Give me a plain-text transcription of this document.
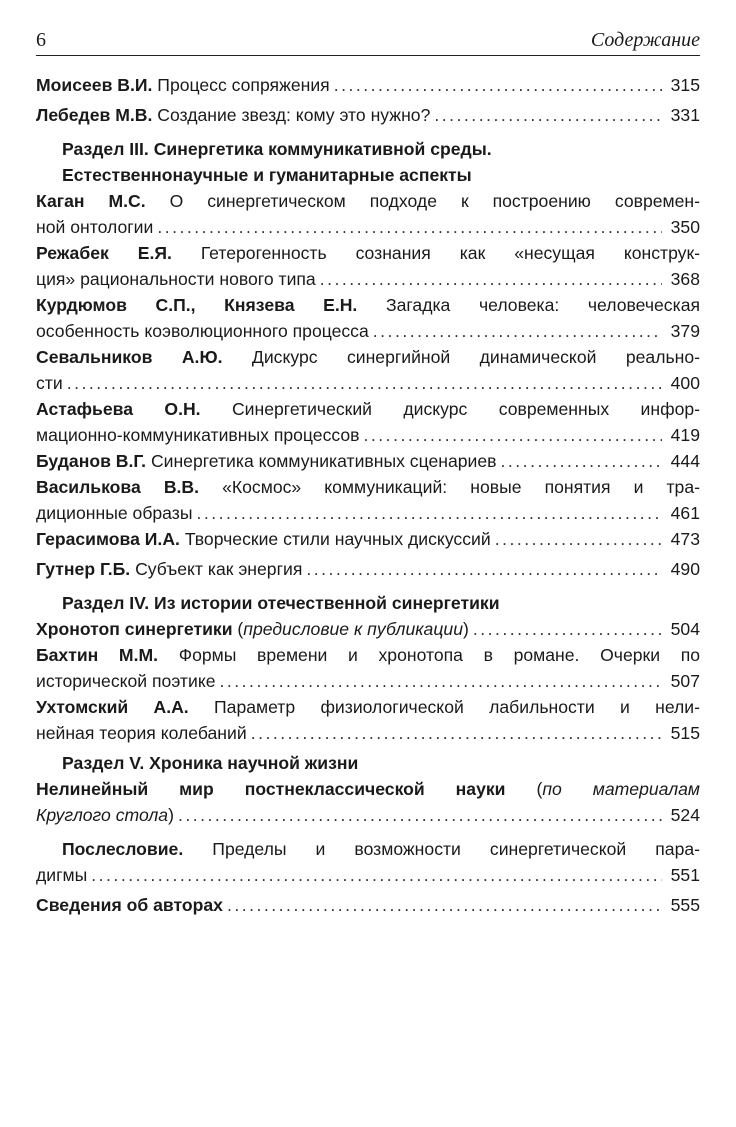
6	Содержание
Моисеев В.И. Процесс сопряжения .....	315
Лебедев М.В. Создание звезд: кому это нужно? .....	331
Раздел III. Синергетика коммуникативной среды.
Естественнонаучные и гуманитарные аспекты
Каган М.С. О синергетическом подходе к построению современ-
ной онтологии .....	350
Режабек Е.Я. Гетерогенность сознания как «несущая конструк-
ция» рациональности нового типа .....	368
Курдюмов С.П., Князева Е.Н. Загадка человека: человеческая
особенность коэволюционного процесса .....	379
Севальников А.Ю. Дискурс синергийной динамической реально-
сти .....	400
Астафьева О.Н. Синергетический дискурс современных инфор-
мационно-коммуникативных процессов .....	419
Буданов В.Г. Синергетика коммуникативных сценариев .....	444
Василькова В.В. «Космос» коммуникаций: новые понятия и тра-
диционные образы .....	461
Герасимова И.А. Творческие стили научных дискуссий .....	473
Гутнер Г.Б. Субъект как энергия .....	490
Раздел IV. Из истории отечественной синергетики
Хронотоп синергетики (предисловие к публикации) .....	504
Бахтин М.М. Формы времени и хронотопа в романе. Очерки по
исторической поэтике .....	507
Ухтомский А.А. Параметр физиологической лабильности и нели-
нейная теория колебаний .....	515
Раздел V. Хроника научной жизни
Нелинейный мир постнеклассической науки (по материалам
Круглого стола) .....	524
Послесловие. Пределы и возможности синергетической пара-
дигмы .....	551
Сведения об авторах .....	555
